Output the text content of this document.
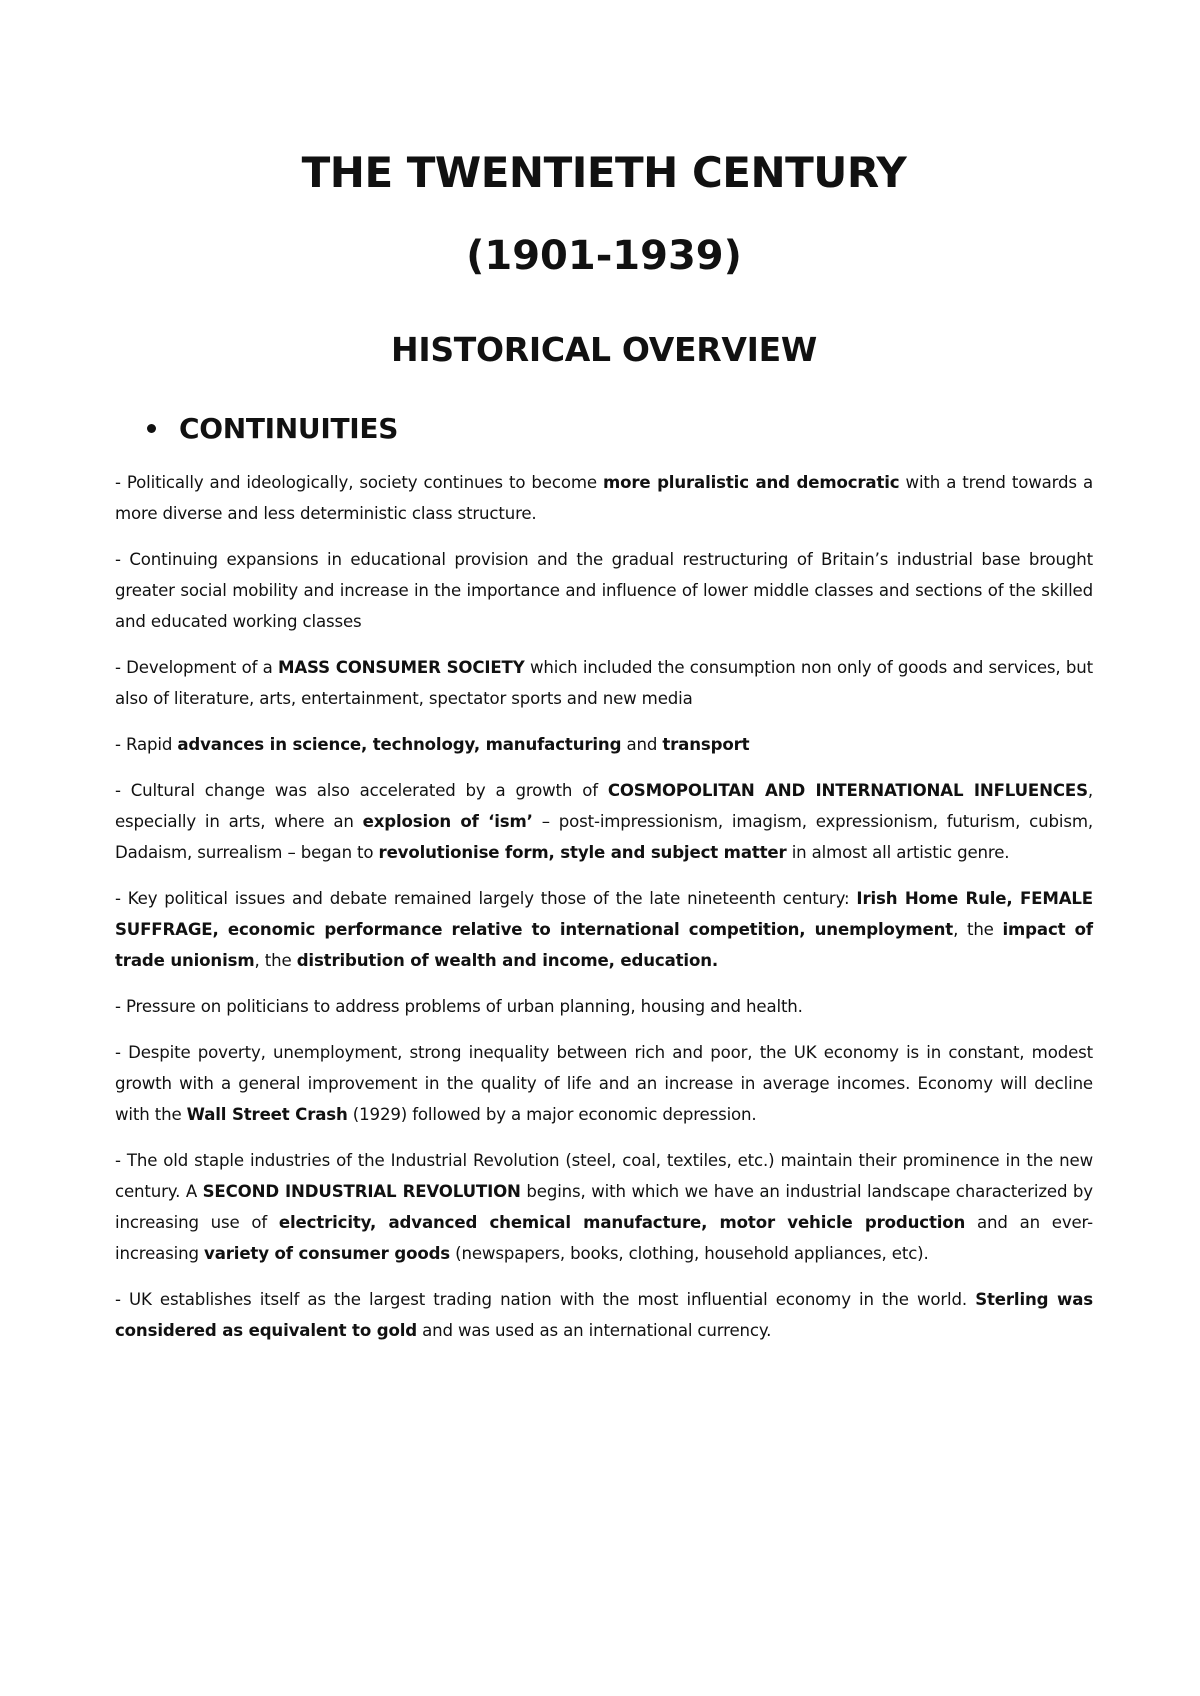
THE TWENTIETH CENTURY
(1901-1939)
HISTORICAL OVERVIEW
CONTINUITIES

- Politically and ideologically, society continues to become more pluralistic and democratic with a trend towards a more diverse and less deterministic class structure.

- Continuing expansions in educational provision and the gradual restructuring of Britain’s industrial base brought greater social mobility and increase in the importance and influence of lower middle classes and sections of the skilled and educated working classes

- Development of a MASS CONSUMER SOCIETY which included the consumption non only of goods and services, but also of literature, arts, entertainment, spectator sports and new media

- Rapid advances in science, technology, manufacturing and transport

- Cultural change was also accelerated by a growth of COSMOPOLITAN AND INTERNATIONAL INFLUENCES, especially in arts, where an explosion of ‘ism’ – post-impressionism, imagism, expressionism, futurism, cubism, Dadaism, surrealism – began to revolutionise form, style and subject matter in almost all artistic genre.

- Key political issues and debate remained largely those of the late nineteenth century: Irish Home Rule, FEMALE SUFFRAGE, economic performance relative to international competition, unemployment, the impact of trade unionism, the distribution of wealth and income, education.

- Pressure on politicians to address problems of urban planning, housing and health.

- Despite poverty, unemployment, strong inequality between rich and poor, the UK economy is in constant, modest growth with a general improvement in the quality of life and an increase in average incomes. Economy will decline with the Wall Street Crash (1929) followed by a major economic depression.

- The old staple industries of the Industrial Revolution (steel, coal, textiles, etc.) maintain their prominence in the new century. A SECOND INDUSTRIAL REVOLUTION begins, with which we have an industrial landscape characterized by increasing use of electricity, advanced chemical manufacture, motor vehicle production and an ever-increasing variety of consumer goods (newspapers, books, clothing, household appliances, etc).

- UK establishes itself as the largest trading nation with the most influential economy in the world. Sterling was considered as equivalent to gold and was used as an international currency.
